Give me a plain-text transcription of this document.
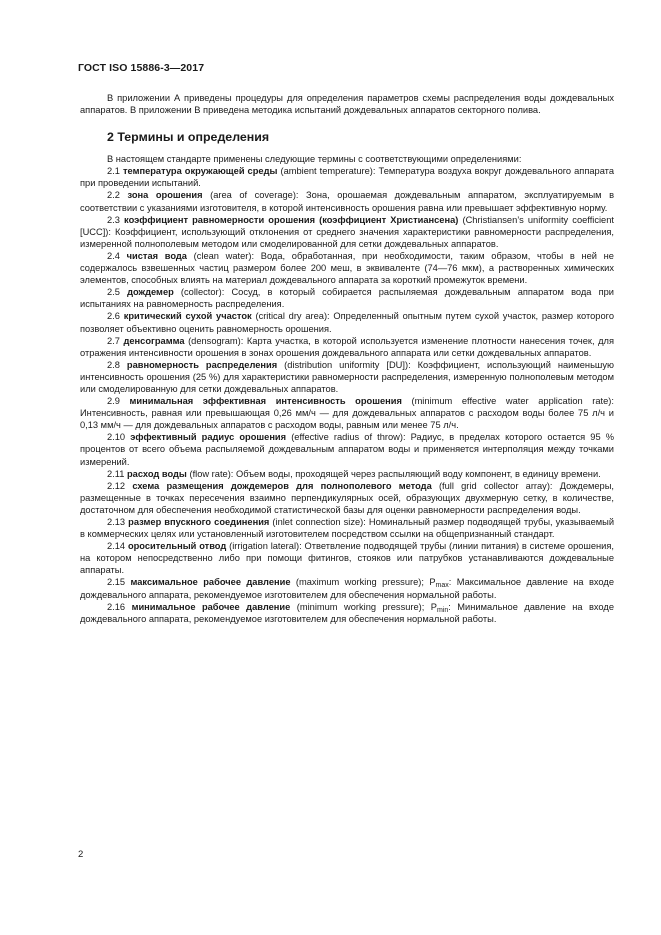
ГОСТ ISO 15886-3—2017

В приложении А приведены процедуры для определения параметров схемы распределения воды дождевальных аппаратов. В приложении В приведена методика испытаний дождевальных аппаратов секторного полива.

2 Термины и определения

В настоящем стандарте применены следующие термины с соответствующими определениями:

2.1 температура окружающей среды (ambient temperature): Температура воздуха вокруг дождевального аппарата при проведении испытаний.

2.2 зона орошения (area of coverage): Зона, орошаемая дождевальным аппаратом, эксплуатируемым в соответствии с указаниями изготовителя, в которой интенсивность орошения равна или превышает эффективную норму.

2.3 коэффициент равномерности орошения (коэффициент Христиансена) (Christiansen’s uniformity coefficient [UCC]): Коэффициент, использующий отклонения от среднего значения характеристики равномерности распределения, измеренной полнополевым методом или смоделированной для сетки дождевальных аппаратов.

2.4 чистая вода (clean water): Вода, обработанная, при необходимости, таким образом, чтобы в ней не содержалось взвешенных частиц размером более 200 меш, в эквиваленте (74—76 мкм), а растворенных химических элементов, способных влиять на материал дождевального аппарата за короткий промежуток времени.

2.5 дождемер (collector): Сосуд, в который собирается распыляемая дождевальным аппаратом вода при испытаниях на равномерность распределения.

2.6 критический сухой участок (critical dry area): Определенный опытным путем сухой участок, размер которого позволяет объективно оценить равномерность орошения.

2.7 денсограмма (densogram): Карта участка, в которой используется изменение плотности нанесения точек, для отражения интенсивности орошения в зонах орошения дождевального аппарата или сетки дождевальных аппаратов.

2.8 равномерность распределения (distribution uniformity [DU]): Коэффициент, использующий наименьшую интенсивность орошения (25 %) для характеристики равномерности распределения, измеренную полнополевым методом или смоделированную для сетки дождевальных аппаратов.

2.9 минимальная эффективная интенсивность орошения (minimum effective water application rate): Интенсивность, равная или превышающая 0,26 мм/ч — для дождевальных аппаратов с расходом воды более 75 л/ч и 0,13 мм/ч — для дождевальных аппаратов с расходом воды, равным или менее 75 л/ч.

2.10 эффективный радиус орошения (effective radius of throw): Радиус, в пределах которого остается 95 % процентов от всего объема распыляемой дождевальным аппаратом воды и применяется интерполяция между точками измерений.

2.11 расход воды (flow rate): Объем воды, проходящей через распыляющий воду компонент, в единицу времени.

2.12 схема размещения дождемеров для полнополевого метода (full grid collector array): Дождемеры, размещенные в точках пересечения взаимно перпендикулярных осей, образующих двухмерную сетку, в количестве, достаточном для обеспечения необходимой статистической базы для оценки равномерности распределения воды.

2.13 размер впускного соединения (inlet connection size): Номинальный размер подводящей трубы, указываемый в коммерческих целях или установленный изготовителем посредством ссылки на общепризнанный стандарт.

2.14 оросительный отвод (irrigation lateral): Ответвление подводящей трубы (линии питания) в системе орошения, на котором непосредственно либо при помощи фитингов, стояков или патрубков устанавливаются дождевальные аппараты.

2.15 максимальное рабочее давление (maximum working pressure); $P_{max}$: Максимальное давление на входе дождевального аппарата, рекомендуемое изготовителем для обеспечения нормальной работы.

2.16 минимальное рабочее давление (minimum working pressure); $P_{min}$: Минимальное давление на входе дождевального аппарата, рекомендуемое изготовителем для обеспечения нормальной работы.

2
